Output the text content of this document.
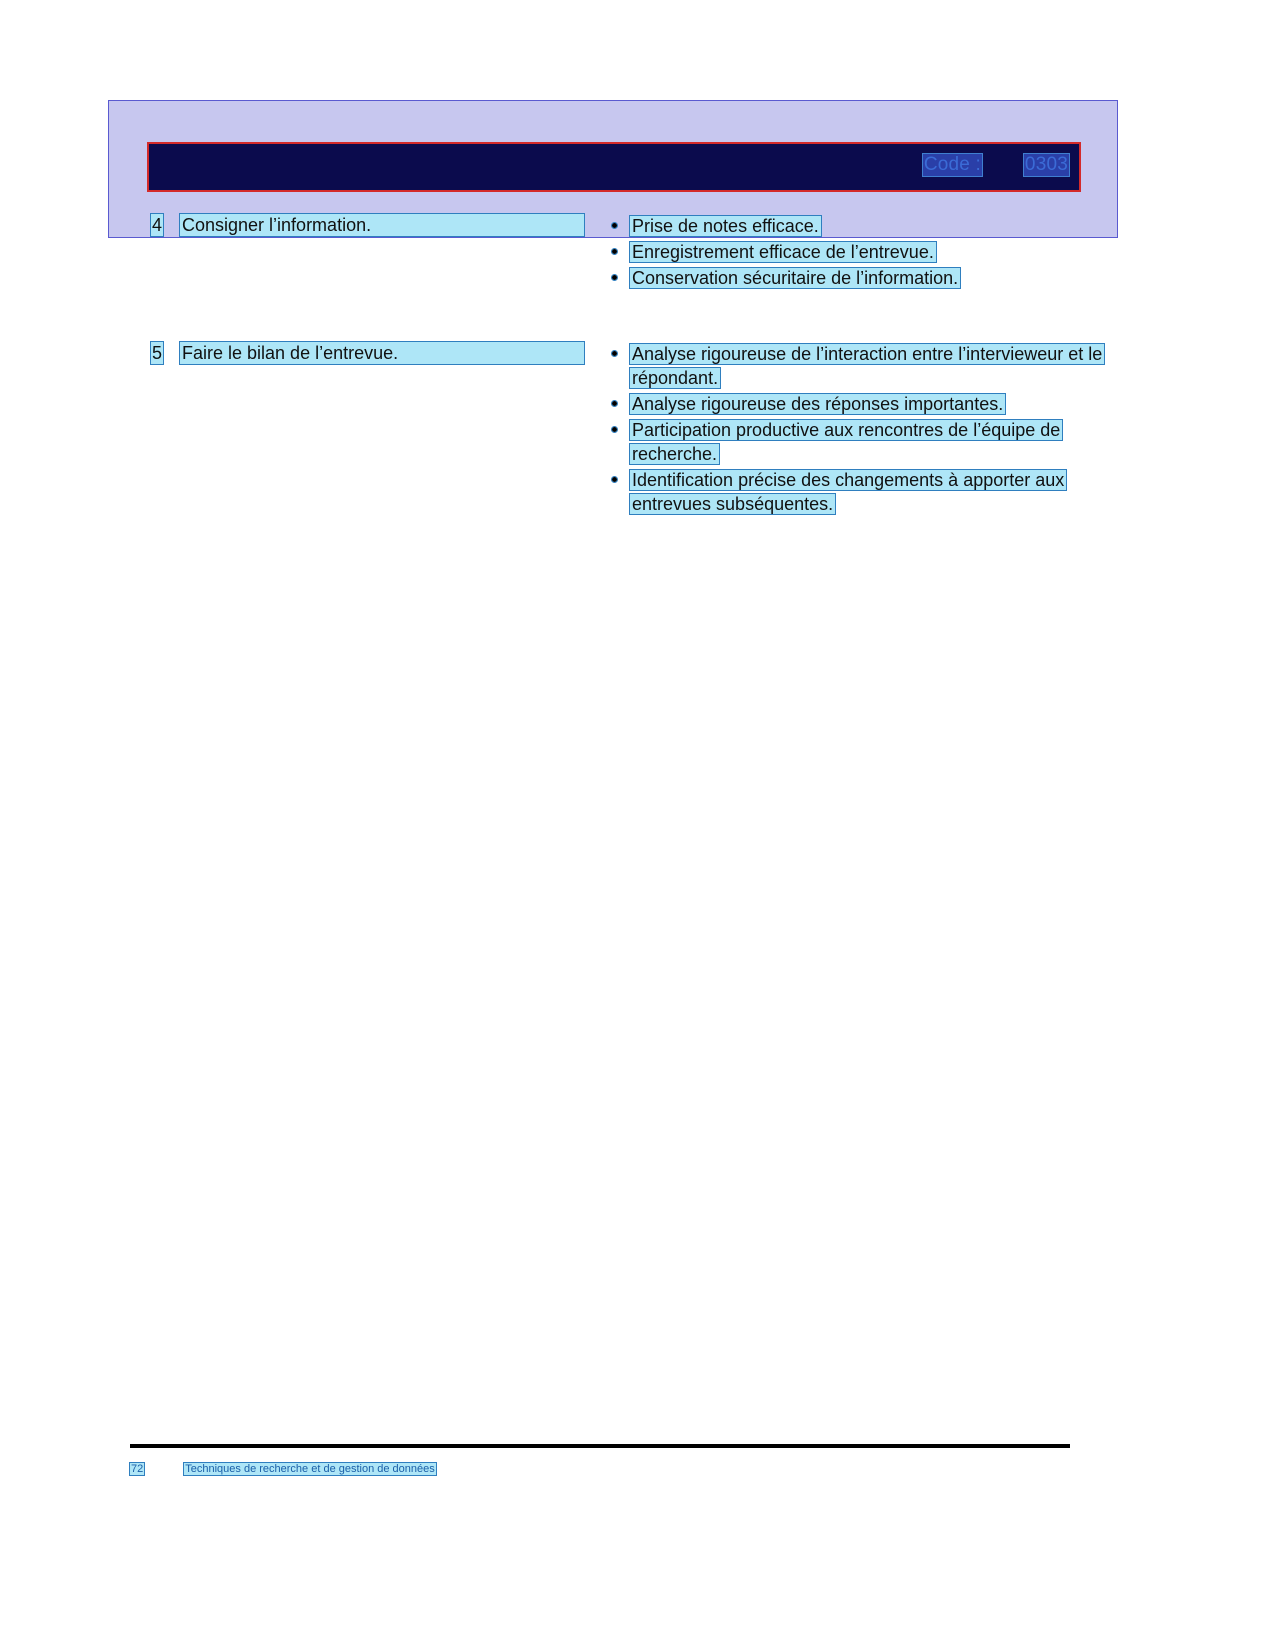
Code : 0303
4 Consigner l’information.	Prise de notes efficace.
Enregistrement efficace de l’entrevue.
Conservation sécuritaire de l’information.
5 Faire le bilan de l’entrevue.	Analyse rigoureuse de l’interaction entre l’intervieweur et le répondant.
Analyse rigoureuse des réponses importantes.
Participation productive aux rencontres de l’équipe de recherche.
Identification précise des changements à apporter aux entrevues subséquentes.
72	Techniques de recherche et de gestion de données
